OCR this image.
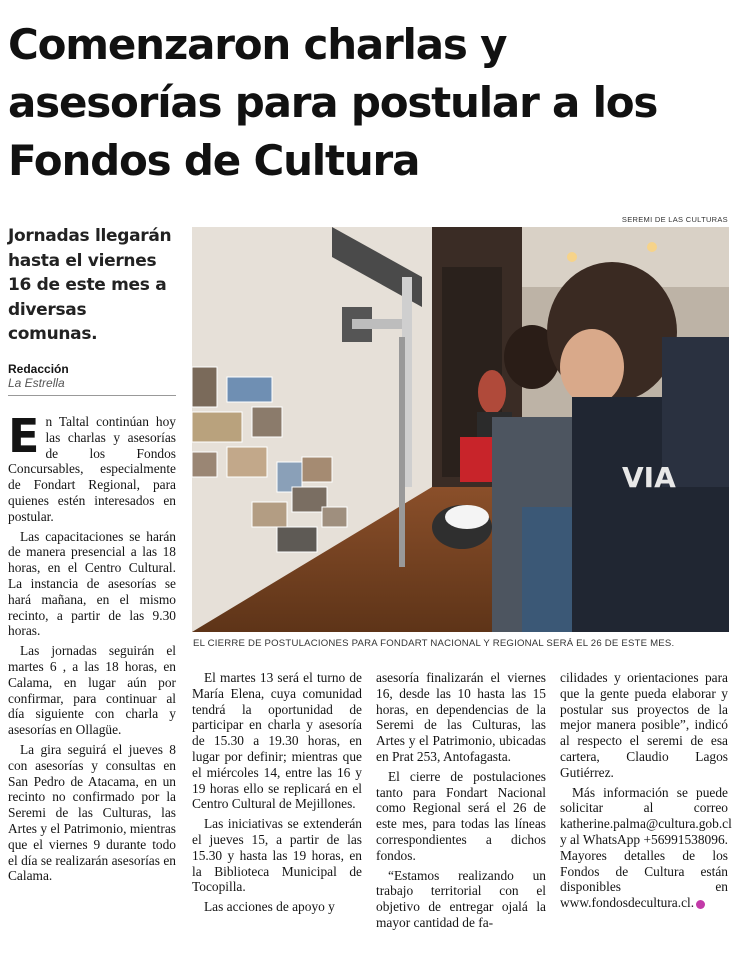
Comenzaron charlas y asesorías para postular a los Fondos de Cultura
Jornadas llegarán hasta el viernes 16 de este mes a diversas comunas.
Redacción
La Estrella
SEREMI DE LAS CULTURAS
VIA
EL CIERRE DE POSTULACIONES PARA FONDART NACIONAL Y REGIONAL SERÁ EL 26 DE ESTE MES.

En Taltal continúan hoy las charlas y asesorías de los Fondos Concursables, especialmente de Fondart Regional, para quienes estén interesados en postular.

Las capacitaciones se harán de manera presencial a las 18 horas, en el Centro Cultural. La instancia de asesorías se hará mañana, en el mismo recinto, a partir de las 9.30 horas.

Las jornadas seguirán el martes 6 , a las 18 horas, en Calama, en lugar aún por confirmar, para continuar al día siguiente con charla y asesorías en Ollagüe.

La gira seguirá el jueves 8 con asesorías y consultas en San Pedro de Atacama, en un recinto no confirmado por la Seremi de las Culturas, las Artes y el Patrimonio, mientras que el viernes 9 durante todo el día se realizarán asesorías en Calama.

El martes 13 será el turno de María Elena, cuya comunidad tendrá la oportunidad de participar en charla y asesoría de 15.30 a 19.30 horas, en lugar por definir; mientras que el miércoles 14, entre las 16 y 19 horas ello se replicará en el Centro Cultural de Mejillones.

Las iniciativas se extenderán el jueves 15, a partir de las 15.30 y hasta las 19 horas, en la Biblioteca Municipal de Tocopilla.

Las acciones de apoyo y

asesoría finalizarán el viernes 16, desde las 10 hasta las 15 horas, en dependencias de la Seremi de las Culturas, las Artes y el Patrimonio, ubicadas en Prat 253, Antofagasta.

El cierre de postulaciones tanto para Fondart Nacional como Regional será el 26 de este mes, para todas las líneas correspondientes a dichos fondos.

“Estamos realizando un trabajo territorial con el objetivo de entregar ojalá la mayor cantidad de fa-

cilidades y orientaciones para que la gente pueda elaborar y postular sus proyectos de la mejor manera posible”, indicó al respecto el seremi de esa cartera, Claudio Lagos Gutiérrez.

Más información se puede solicitar al correo katherine.palma@cultura.gob.cl y al WhatsApp +56991538096. Mayores detalles de los Fondos de Cultura están disponibles en www.fondosdecultura.cl.
